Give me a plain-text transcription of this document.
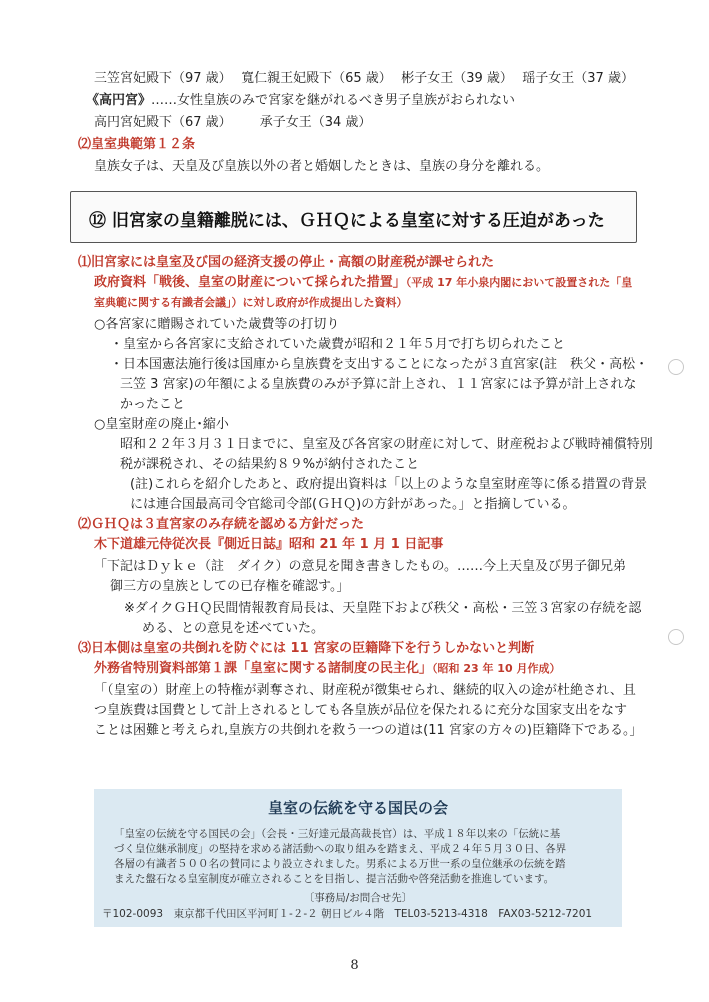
三笠宮妃殿下（97 歳） 寬仁親王妃殿下（65 歳） 彬子女王（39 歳） 瑶子女王（37 歳）
《高円宮》……女性皇族のみで宮家を継がれるべき男子皇族がおられない
高円宮妃殿下（67 歳） 承子女王（34 歳）
⑵皇室典範第１２条
皇族女子は、天皇及び皇族以外の者と婚姻したときは、皇族の身分を離れる。
⑫ 旧宮家の皇籍離脱には、ＧＨＱによる皇室に対する圧迫があった
⑴旧宮家には皇室及び国の経済支援の停止・高額の財産税が課せられた
政府資料「戦後、皇室の財産について採られた措置」（平成 17 年小泉内閣において設置された「皇
室典範に関する有識者会議」）に対し政府が作成提出した資料）
○各宮家に贈賜されていた歳費等の打切り
・皇室から各宮家に支給されていた歳費が昭和２１年５月で打ち切られたこと
・日本国憲法施行後は国庫から皇族費を支出することになったが３直宮家(註　秩父・高松・
三笠 3 宮家)の年額による皇族費のみが予算に計上され、１１宮家には予算が計上されな
かったこと
○皇室財産の廃止･縮小
昭和２２年３月３１日までに、皇室及び各宮家の財産に対して、財産税および戦時補償特別
税が課税され、その結果約８９%が納付されたこと
(註)これらを紹介したあと、政府提出資料は「以上のような皇室財産等に係る措置の背景
には連合国最高司令官総司令部(ＧＨＱ)の方針があった。」と指摘している。
⑵ＧＨＱは３直宮家のみ存続を認める方針だった
木下道雄元侍従次長『側近日誌』昭和 21 年 1 月 1 日記事
「下記はＤｙｋｅ（註　ダイク）の意見を聞き書きしたもの。……今上天皇及び男子御兄弟
御三方の皇族としての已存権を確認す。」
※ダイクＧＨＱ民間情報教育局長は、天皇陛下および秩父・高松・三笠３宮家の存続を認
める、との意見を述べていた。
⑶日本側は皇室の共倒れを防ぐには 11 宮家の臣籍降下を行うしかないと判断
外務省特別資料部第１課「皇室に関する諸制度の民主化」（昭和 23 年 10 月作成）
「（皇室の）財産上の特権が剥奪され、財産税が徴集せられ、継続的収入の途が杜絶され、且
つ皇族費は国費として計上されるとしても各皇族が品位を保たれるに充分な国家支出をなす
ことは困難と考えられ,皇族方の共倒れを救う一つの道は(11 宮家の方々の)臣籍降下である。」
皇室の伝統を守る国民の会
「皇室の伝統を守る国民の会」（会長・三好達元最高裁長官）は、平成１８年以来の「伝統に基
づく皇位継承制度」の堅持を求める諸活動への取り組みを踏まえ、平成２４年５月３０日、各界
各層の有識者５００名の賛同により設立されました。男系による万世一系の皇位継承の伝統を踏
まえた盤石なる皇室制度が確立されることを目指し、提言活動や啓発活動を推進しています。
〔事務局/お問合せ先〕
〒102-0093　 東京都千代田区平河町１-２-２ 朝日ビル４階　 TEL03-5213-4318　 FAX03-5212-7201
8
